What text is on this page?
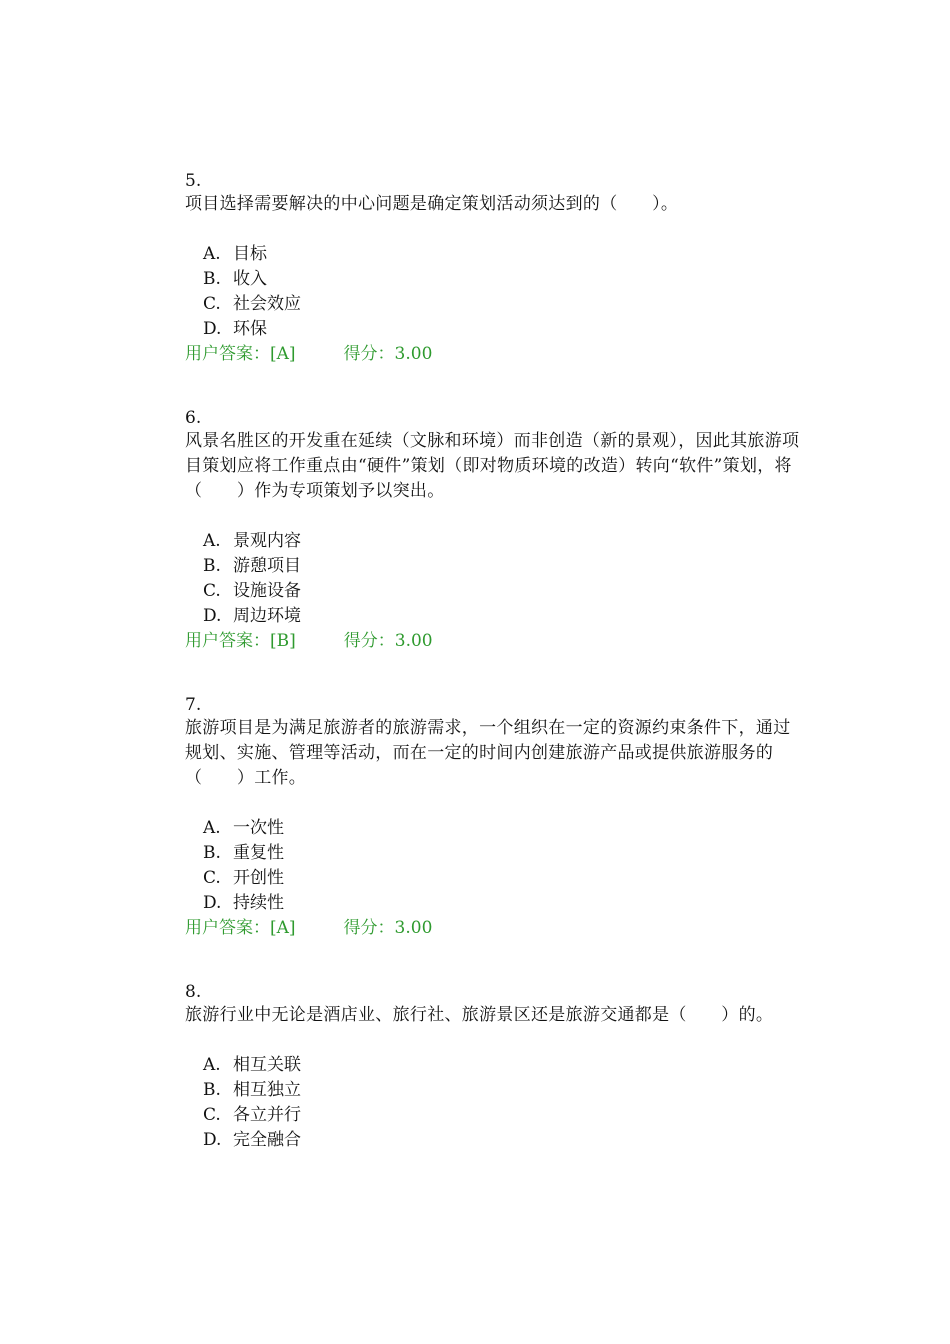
5.
项目选择需要解决的中心问题是确定策划活动须达到的（　　）。
A. 目标
B. 收入
C. 社会效应
D. 环保
用户答案：[A]	得分：3.00
6.
风景名胜区的开发重在延续（文脉和环境）而非创造（新的景观），因此其旅游项目策划应将工作重点由“硬件”策划（即对物质环境的改造）转向“软件”策划，将（　　）作为专项策划予以突出。
A. 景观内容
B. 游憩项目
C. 设施设备
D. 周边环境
用户答案：[B]	得分：3.00
7.
旅游项目是为满足旅游者的旅游需求，一个组织在一定的资源约束条件下，通过规划、实施、管理等活动，而在一定的时间内创建旅游产品或提供旅游服务的（　　）工作。
A. 一次性
B. 重复性
C. 开创性
D. 持续性
用户答案：[A]	得分：3.00
8.
旅游行业中无论是酒店业、旅行社、旅游景区还是旅游交通都是（　　）的。
A. 相互关联
B. 相互独立
C. 各立并行
D. 完全融合
